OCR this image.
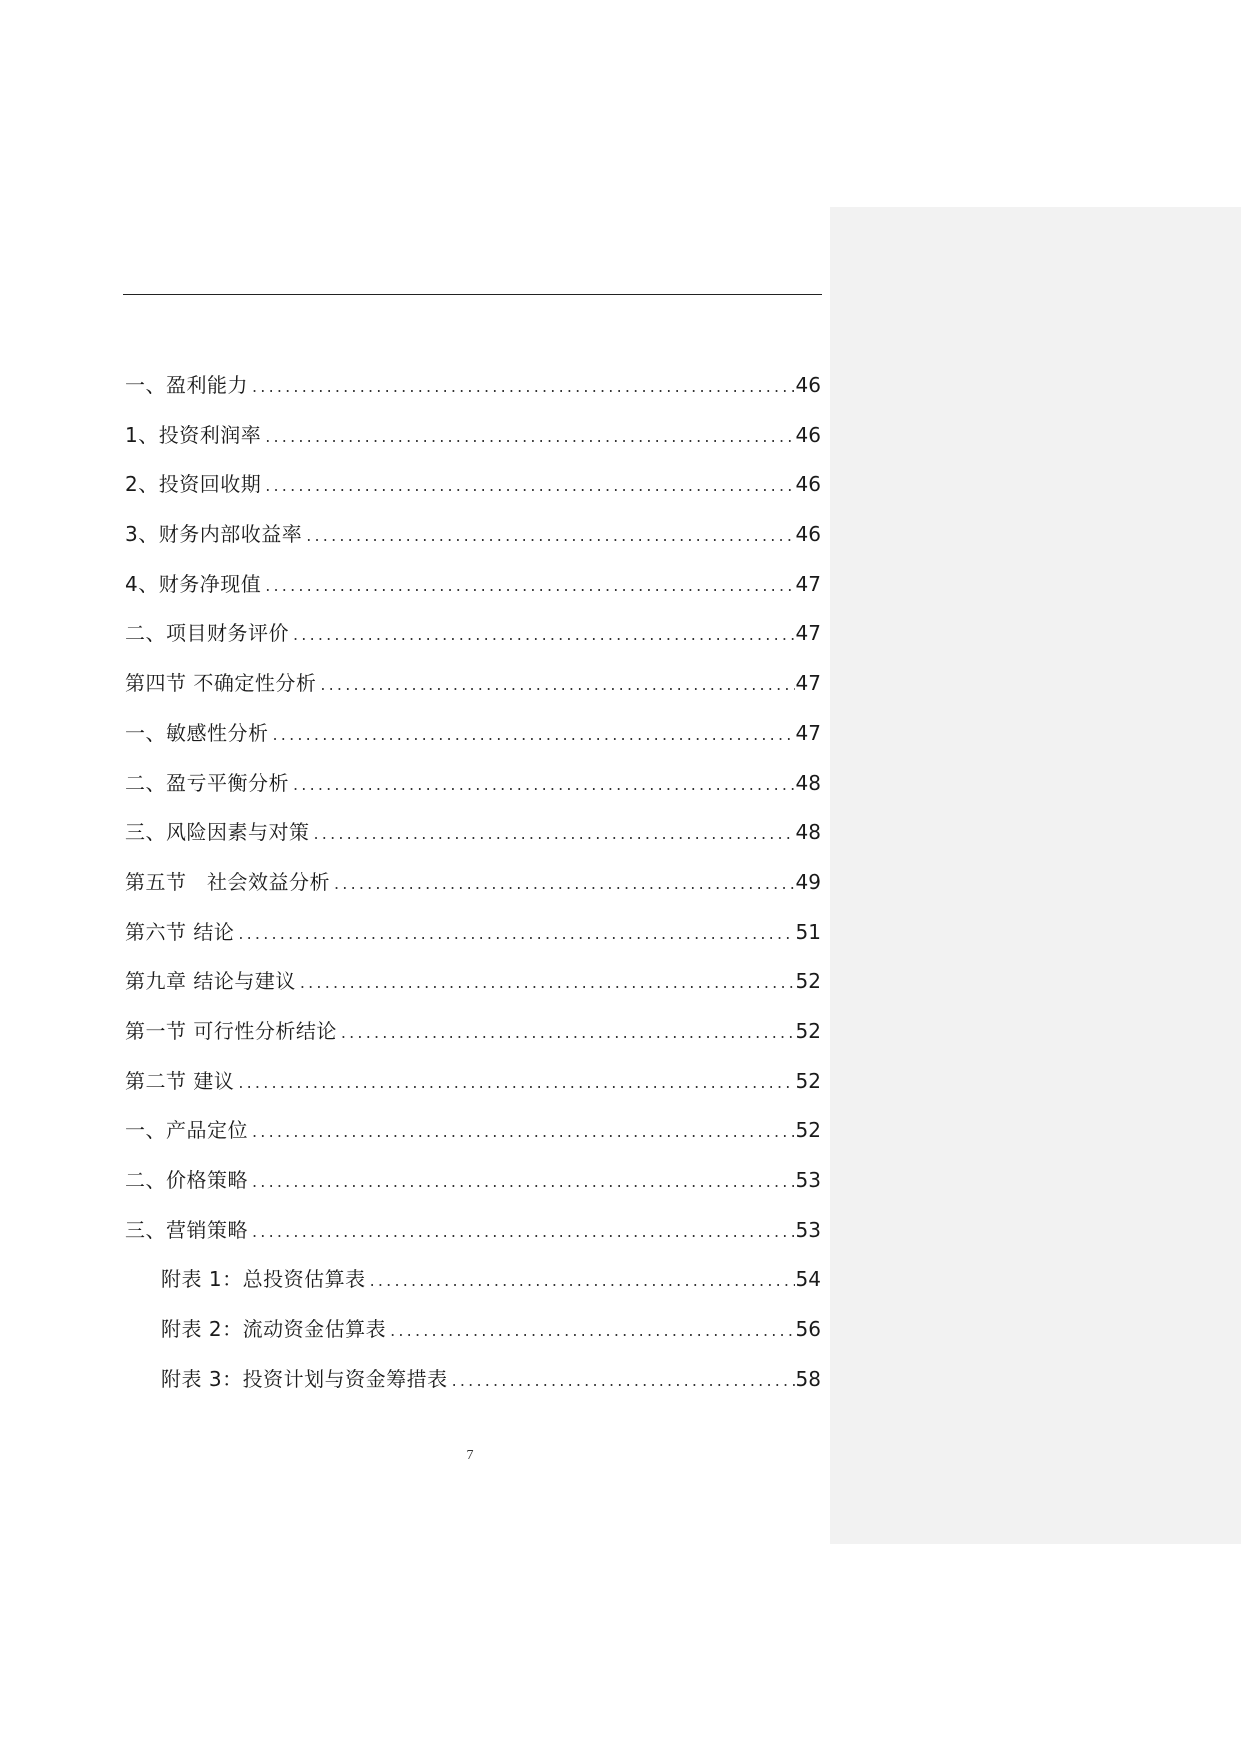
一、盈利能力 .....	46
1、投资利润率 .....	46
2、投资回收期 .....	46
3、财务内部收益率 .....	46
4、财务净现值 .....	47
二、项目财务评价 .....	47
第四节 不确定性分析 .....	47
一、敏感性分析 .....	47
二、盈亏平衡分析 .....	48
三、风险因素与对策 .....	48
第五节　社会效益分析 .....	49
第六节 结论 .....	51
第九章 结论与建议 .....	52
第一节 可行性分析结论 .....	52
第二节 建议 .....	52
一、产品定位 .....	52
二、价格策略 .....	53
三、营销策略 .....	53
附表 1：总投资估算表 .....	54
附表 2：流动资金估算表 .....	56
附表 3：投资计划与资金筹措表 .....	58
7
